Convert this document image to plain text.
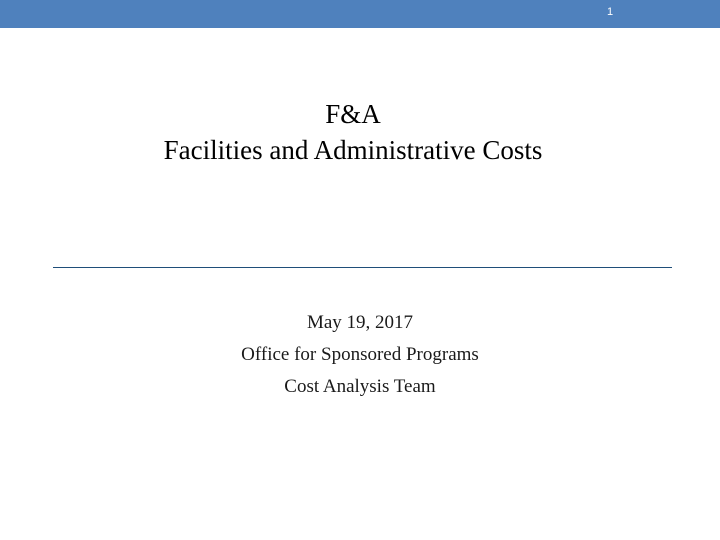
1
F&A
Facilities and Administrative Costs
May 19, 2017
Office for Sponsored Programs
Cost Analysis Team
